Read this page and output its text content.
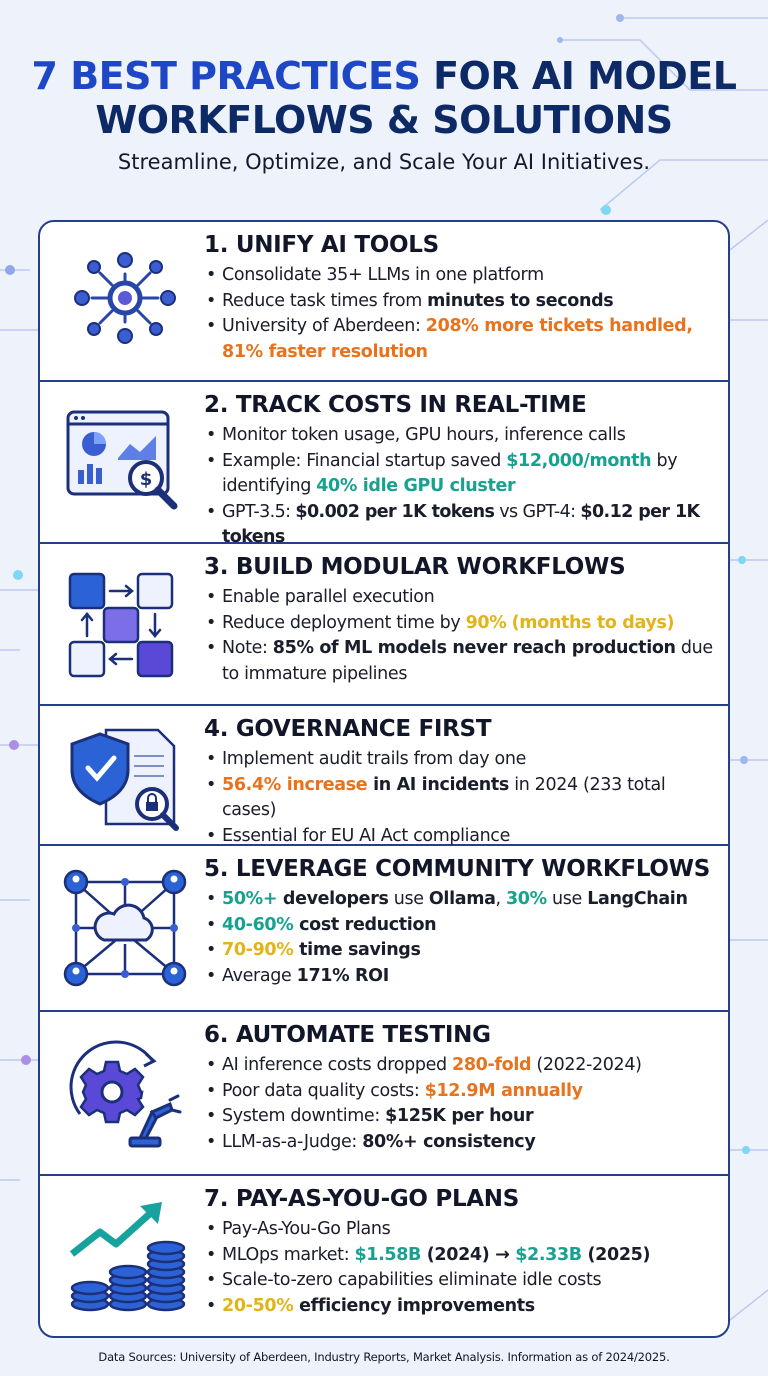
7 BEST PRACTICES FOR AI MODEL
WORKFLOWS & SOLUTIONS
Streamline, Optimize, and Scale Your AI Initiatives.
1. UNIFY AI TOOLS
• Consolidate 35+ LLMs in one platform
• Reduce task times from minutes to seconds
• University of Aberdeen: 208% more tickets handled, 81% faster resolution
$
2. TRACK COSTS IN REAL-TIME
• Monitor token usage, GPU hours, inference calls
• Example: Financial startup saved $12,000/month by identifying 40% idle GPU cluster
• GPT-3.5: $0.002 per 1K tokens vs GPT-4: $0.12 per 1K tokens
3. BUILD MODULAR WORKFLOWS
• Enable parallel execution
• Reduce deployment time by 90% (months to days)
• Note: 85% of ML models never reach production due to immature pipelines
4. GOVERNANCE FIRST
• Implement audit trails from day one
• 56.4% increase in AI incidents in 2024 (233 total cases)
• Essential for EU AI Act compliance
5. LEVERAGE COMMUNITY WORKFLOWS
• 50%+ developers use Ollama, 30% use LangChain
• 40-60% cost reduction
• 70-90% time savings
• Average 171% ROI
6. AUTOMATE TESTING
• AI inference costs dropped 280-fold (2022-2024)
• Poor data quality costs: $12.9M annually
• System downtime: $125K per hour
• LLM-as-a-Judge: 80%+ consistency
7. PAY-AS-YOU-GO PLANS
• Pay-As-You-Go Plans
• MLOps market: $1.58B (2024) → $2.33B (2025)
• Scale-to-zero capabilities eliminate idle costs
• 20-50% efficiency improvements
Data Sources: University of Aberdeen, Industry Reports, Market Analysis. Information as of 2024/2025.
